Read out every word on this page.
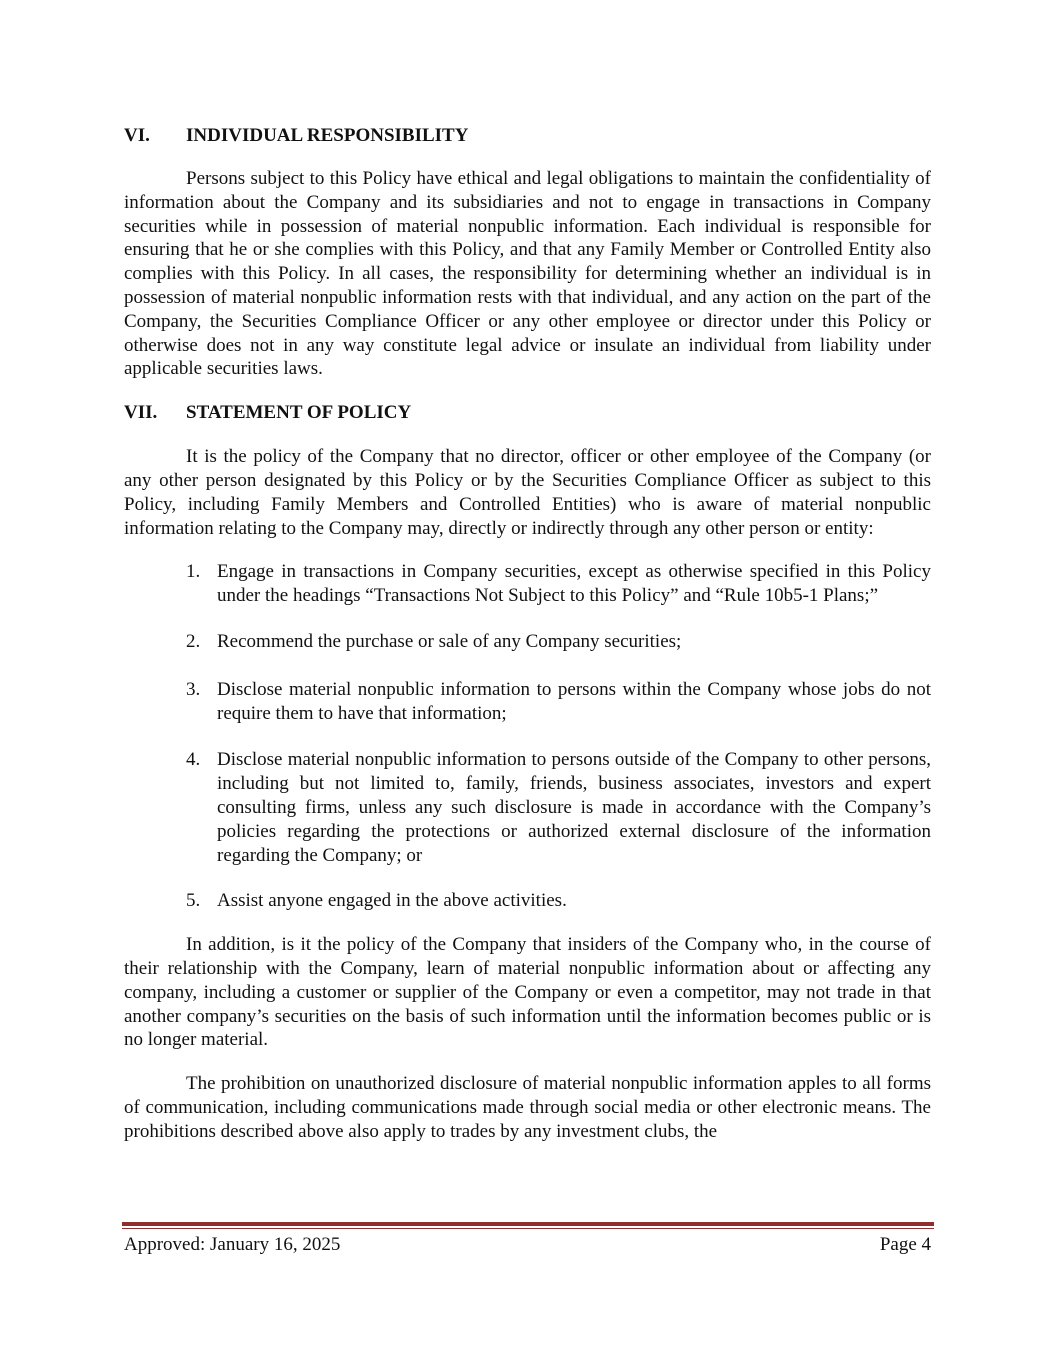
VI.	INDIVIDUAL RESPONSIBILITY

Persons subject to this Policy have ethical and legal obligations to maintain the confidentiality of information about the Company and its subsidiaries and not to engage in transactions in Company securities while in possession of material nonpublic information. Each individual is responsible for ensuring that he or she complies with this Policy, and that any Family Member or Controlled Entity also complies with this Policy. In all cases, the responsibility for determining whether an individual is in possession of material nonpublic information rests with that individual, and any action on the part of the Company, the Securities Compliance Officer or any other employee or director under this Policy or otherwise does not in any way constitute legal advice or insulate an individual from liability under applicable securities laws.

VII.	STATEMENT OF POLICY

It is the policy of the Company that no director, officer or other employee of the Company (or any other person designated by this Policy or by the Securities Compliance Officer as subject to this Policy, including Family Members and Controlled Entities) who is aware of material nonpublic information relating to the Company may, directly or indirectly through any other person or entity:

1. Engage in transactions in Company securities, except as otherwise specified in this Policy under the headings “Transactions Not Subject to this Policy” and “Rule 10b5-1 Plans;”
2. Recommend the purchase or sale of any Company securities;
3. Disclose material nonpublic information to persons within the Company whose jobs do not require them to have that information;
4. Disclose material nonpublic information to persons outside of the Company to other persons, including but not limited to, family, friends, business associates, investors and expert consulting firms, unless any such disclosure is made in accordance with the Company’s policies regarding the protections or authorized external disclosure of the information regarding the Company; or
5. Assist anyone engaged in the above activities.

In addition, is it the policy of the Company that insiders of the Company who, in the course of their relationship with the Company, learn of material nonpublic information about or affecting any company, including a customer or supplier of the Company or even a competitor, may not trade in that another company’s securities on the basis of such information until the information becomes public or is no longer material.

The prohibition on unauthorized disclosure of material nonpublic information apples to all forms of communication, including communications made through social media or other electronic means. The prohibitions described above also apply to trades by any investment clubs, the

Approved: January 16, 2025	Page 4
